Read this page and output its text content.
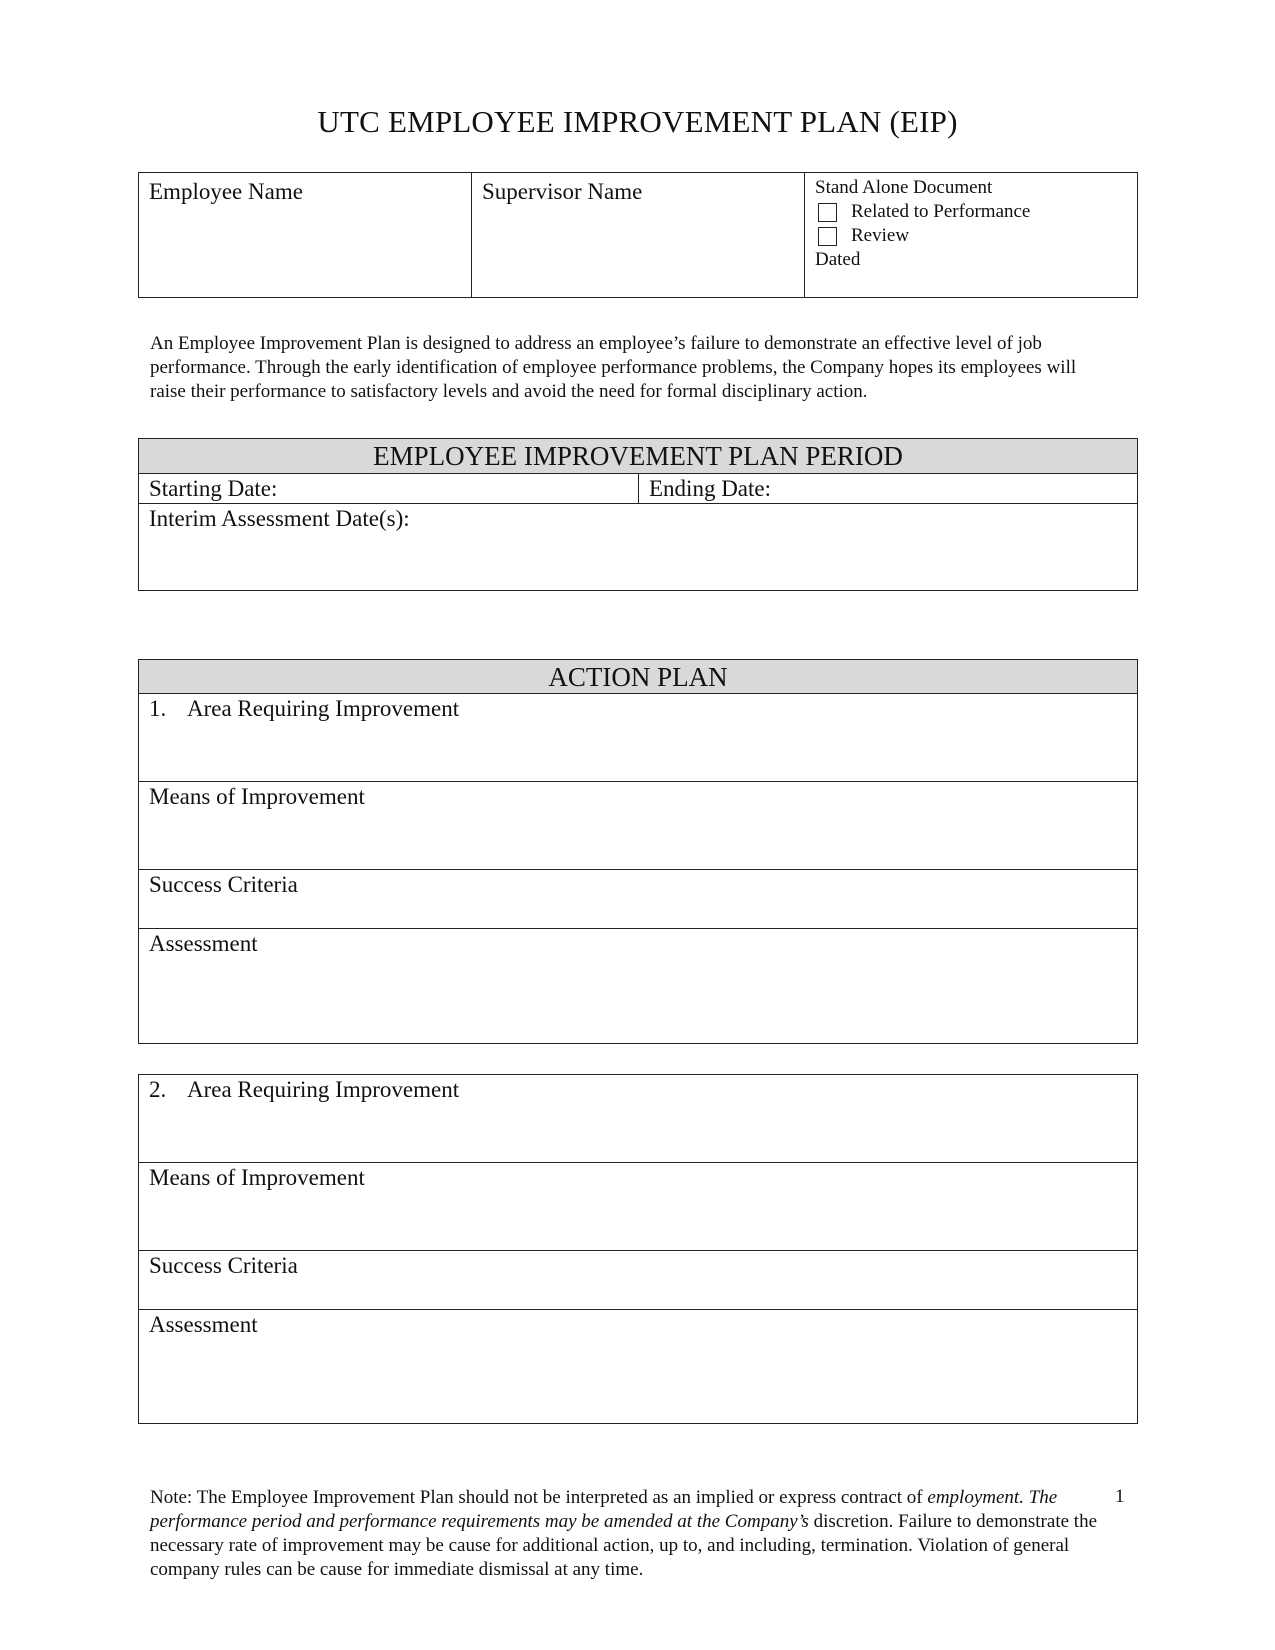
UTC EMPLOYEE IMPROVEMENT PLAN (EIP)
Employee Name	Supervisor Name	Stand Alone Document
Related to Performance
Review
Dated
An Employee Improvement Plan is designed to address an employee’s failure to demonstrate an effective level of job performance. Through the early identification of employee performance problems, the Company hopes its employees will raise their performance to satisfactory levels and avoid the need for formal disciplinary action.
EMPLOYEE IMPROVEMENT PLAN PERIOD
Starting Date:	Ending Date:
Interim Assessment Date(s):
ACTION PLAN
1. Area Requiring Improvement
Means of Improvement
Success Criteria
Assessment
2. Area Requiring Improvement
Means of Improvement
Success Criteria
Assessment
Note: The Employee Improvement Plan should not be interpreted as an implied or express contract of employment. The performance period and performance requirements may be amended at the Company’s discretion. Failure to demonstrate the necessary rate of improvement may be cause for additional action, up to, and including, termination. Violation of general company rules can be cause for immediate dismissal at any time.
1
